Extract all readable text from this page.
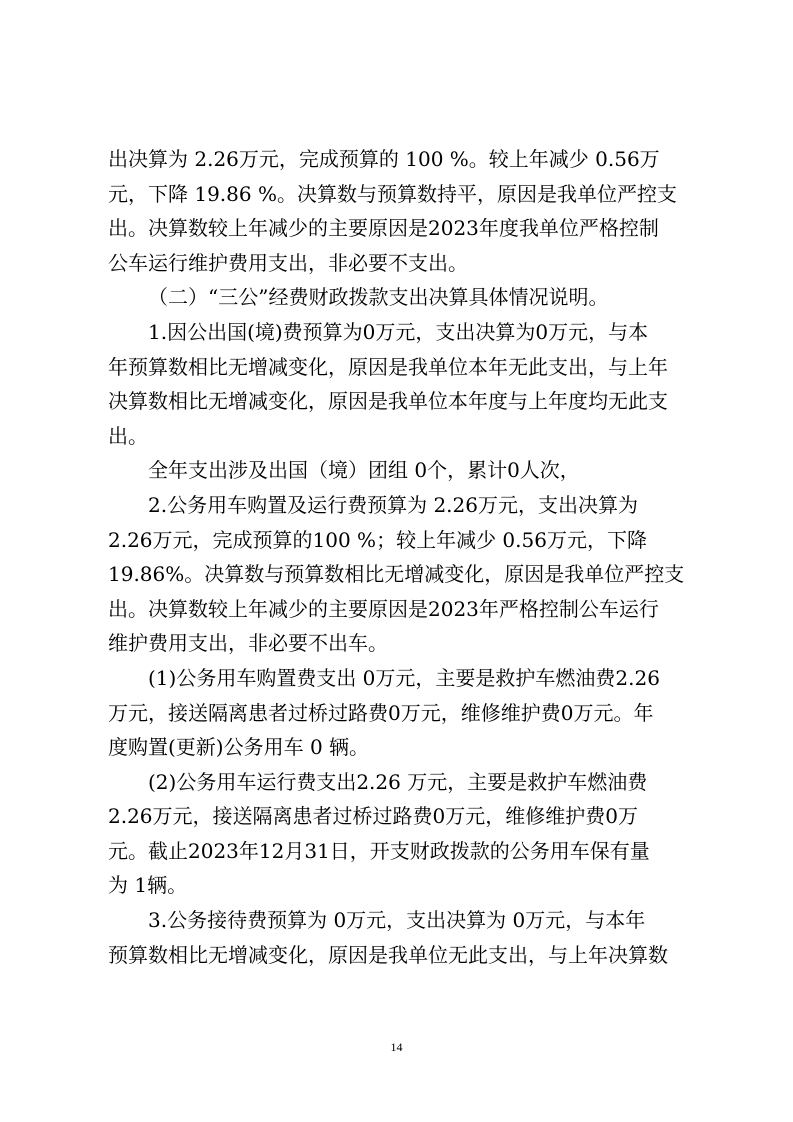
出决算为 2.26万元，完成预算的 100 %。较上年减少 0.56万
元，下降 19.86 %。决算数与预算数持平，原因是我单位严控支
出。决算数较上年减少的主要原因是2023年度我单位严格控制
公车运行维护费用支出，非必要不支出。
（二）“三公”经费财政拨款支出决算具体情况说明。
1.因公出国(境)费预算为0万元，支出决算为0万元，与本
年预算数相比无增减变化，原因是我单位本年无此支出，与上年
决算数相比无增减变化，原因是我单位本年度与上年度均无此支
出。
全年支出涉及出国（境）团组 0个，累计0人次，
2.公务用车购置及运行费预算为 2.26万元，支出决算为
2.26万元，完成预算的100 %；较上年减少 0.56万元，下降
19.86%。决算数与预算数相比无增减变化，原因是我单位严控支
出。决算数较上年减少的主要原因是2023年严格控制公车运行
维护费用支出，非必要不出车。
(1)公务用车购置费支出 0万元，主要是救护车燃油费2.26
万元，接送隔离患者过桥过路费0万元，维修维护费0万元。年
度购置(更新)公务用车 0 辆。
(2)公务用车运行费支出2.26 万元，主要是救护车燃油费
2.26万元，接送隔离患者过桥过路费0万元，维修维护费0万
元。截止2023年12月31日，开支财政拨款的公务用车保有量
为 1辆。
3.公务接待费预算为 0万元，支出决算为 0万元，与本年
预算数相比无增减变化，原因是我单位无此支出，与上年决算数
14
